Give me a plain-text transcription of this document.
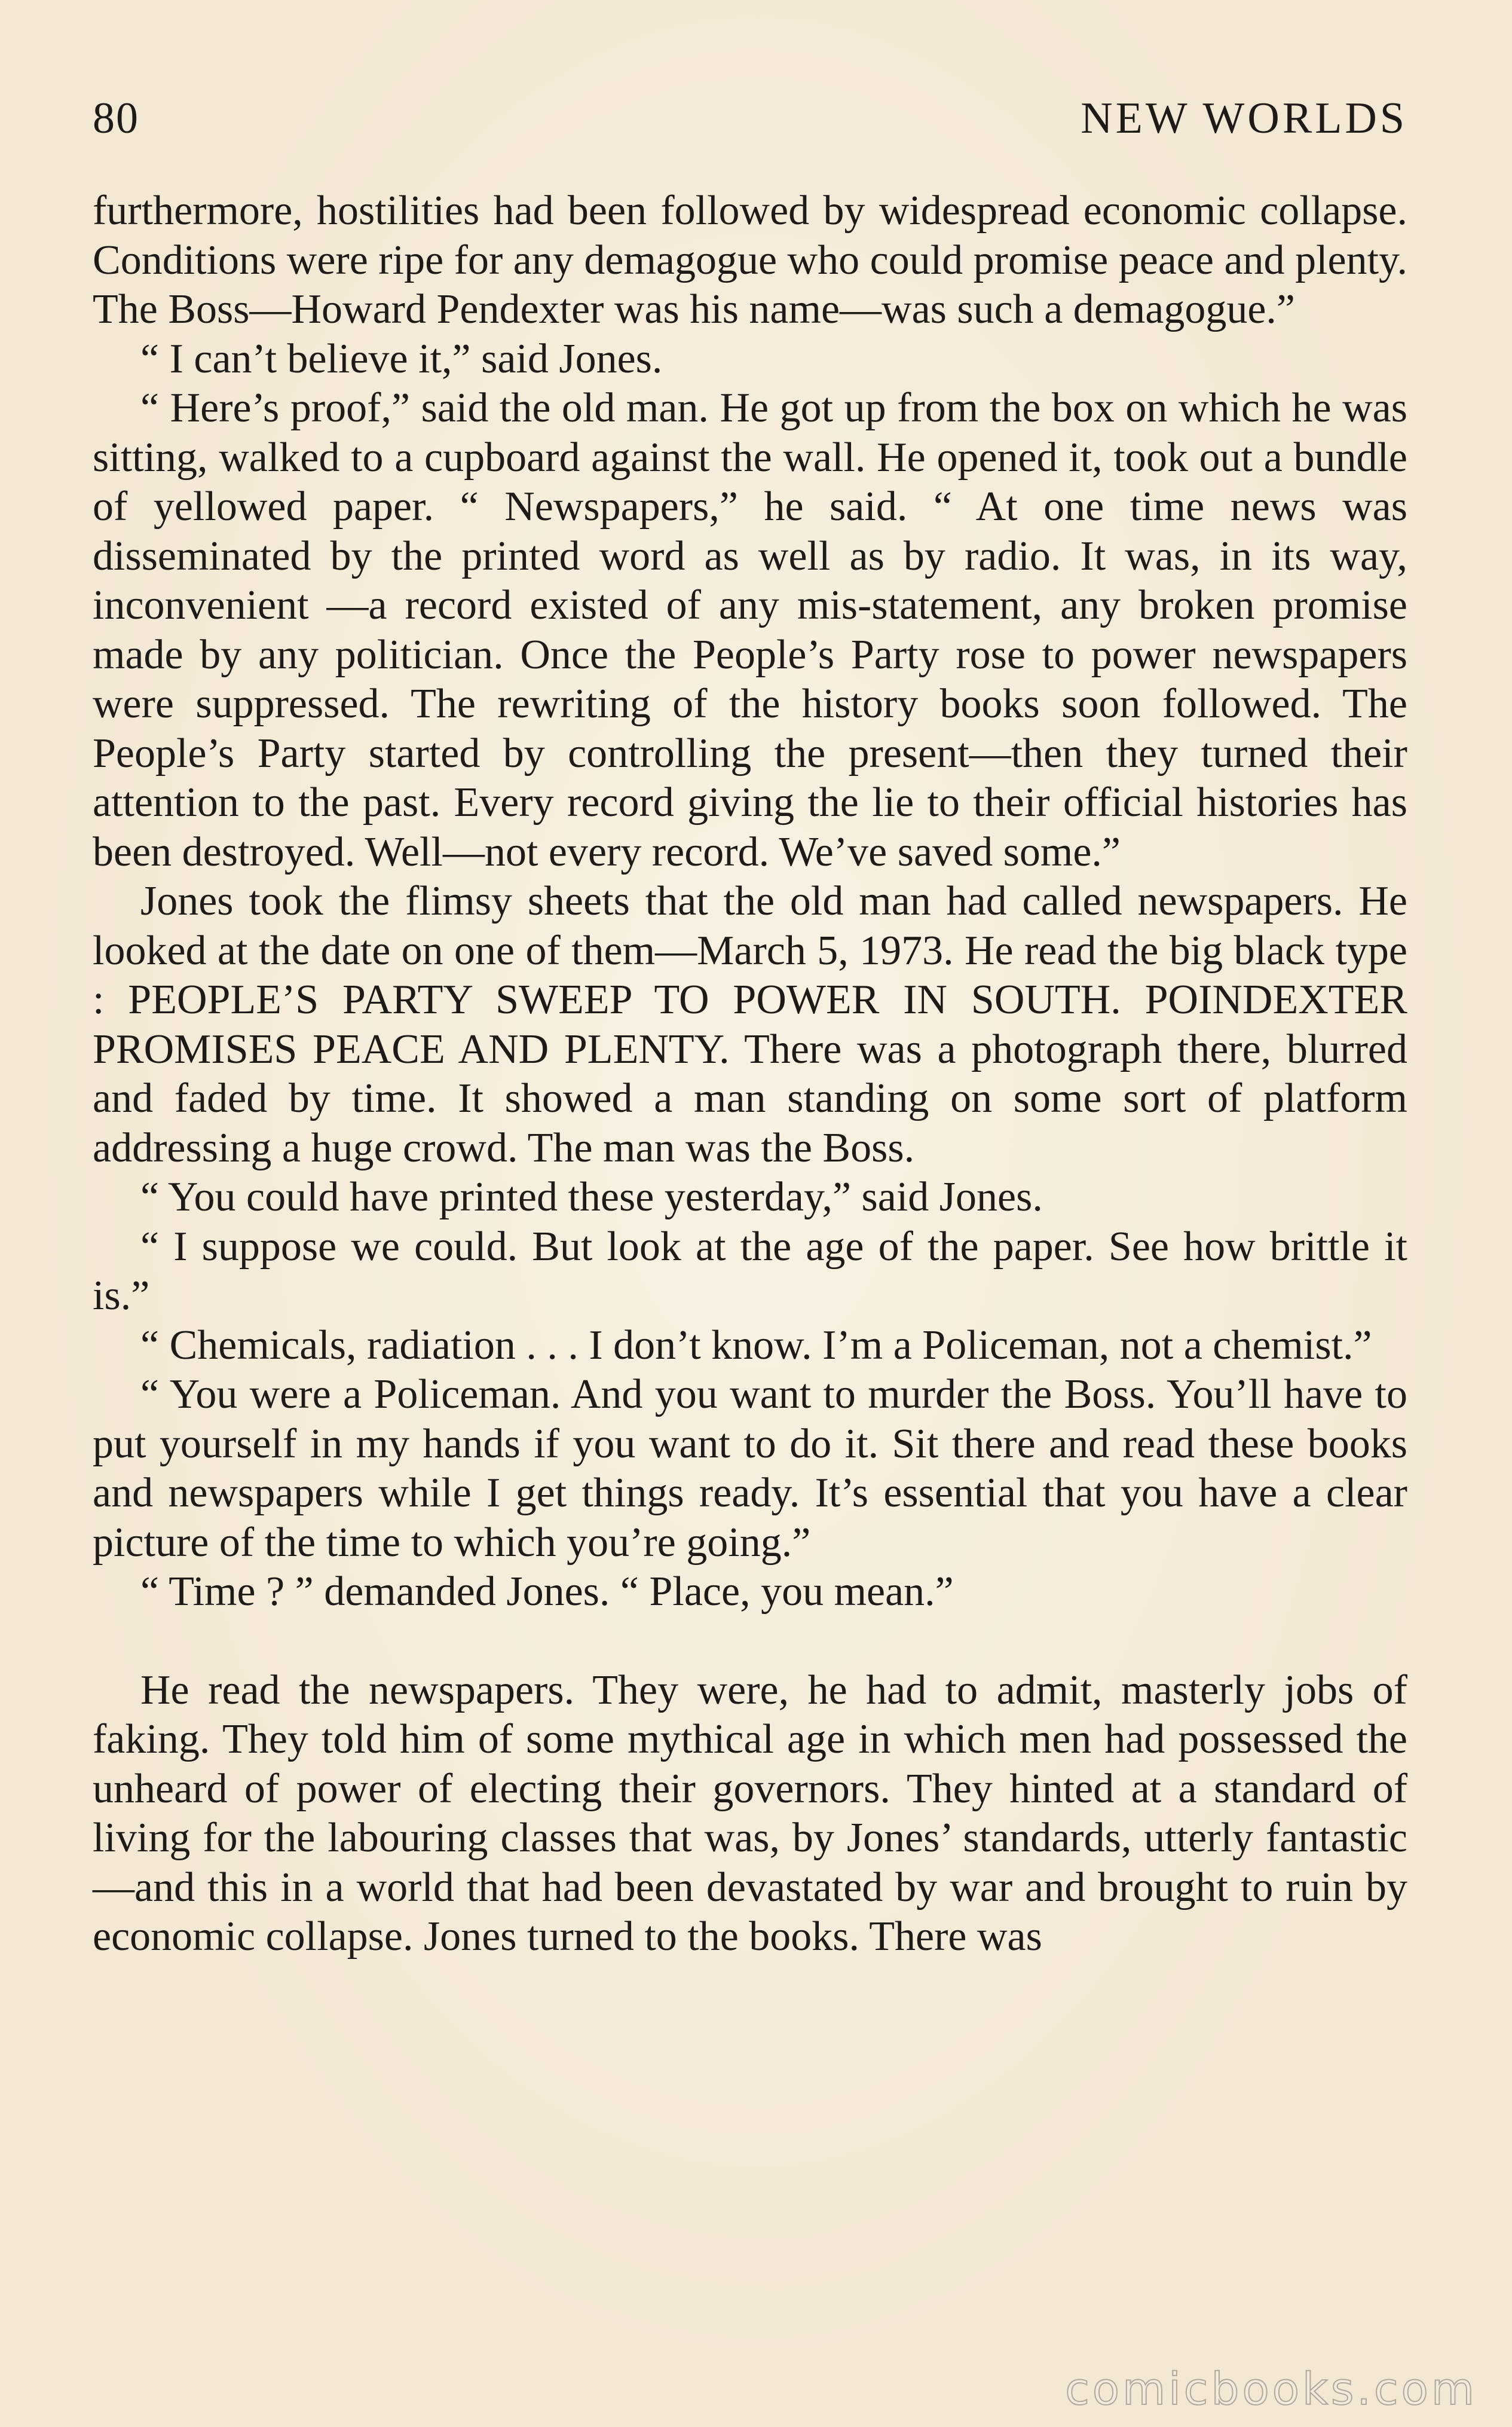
80	NEW WORLDS

furthermore, hostilities had been followed by widespread economic collapse. Conditions were ripe for any demagogue who could promise peace and plenty. The Boss—Howard Pendexter was his name—was such a demagogue.”

“ I can’t believe it,” said Jones.

“ Here’s proof,” said the old man. He got up from the box on which he was sitting, walked to a cupboard against the wall. He opened it, took out a bundle of yellowed paper. “ Newspapers,” he said. “ At one time news was disseminated by the printed word as well as by radio. It was, in its way, inconvenient —a record existed of any mis-statement, any broken promise made by any politician. Once the People’s Party rose to power newspapers were suppressed. The rewriting of the history books soon followed. The People’s Party started by controlling the present—then they turned their attention to the past. Every record giving the lie to their official histories has been destroyed. Well—not every record. We’ve saved some.”

Jones took the flimsy sheets that the old man had called newspapers. He looked at the date on one of them—March 5, 1973. He read the big black type : PEOPLE’S PARTY SWEEP TO POWER IN SOUTH. POINDEXTER PROMISES PEACE AND PLENTY. There was a photograph there, blurred and faded by time. It showed a man standing on some sort of platform addressing a huge crowd. The man was the Boss.

“ You could have printed these yesterday,” said Jones.

“ I suppose we could. But look at the age of the paper. See how brittle it is.”

“ Chemicals, radiation . . . I don’t know. I’m a Policeman, not a chemist.”

“ You were a Policeman. And you want to murder the Boss. You’ll have to put yourself in my hands if you want to do it. Sit there and read these books and newspapers while I get things ready. It’s essential that you have a clear picture of the time to which you’re going.”

“ Time ? ” demanded Jones. “ Place, you mean.”

He read the newspapers. They were, he had to admit, masterly jobs of faking. They told him of some mythical age in which men had possessed the unheard of power of electing their governors. They hinted at a standard of living for the labouring classes that was, by Jones’ standards, utterly fantastic—and this in a world that had been devastated by war and brought to ruin by economic collapse. Jones turned to the books. There was

comicbooks.com
